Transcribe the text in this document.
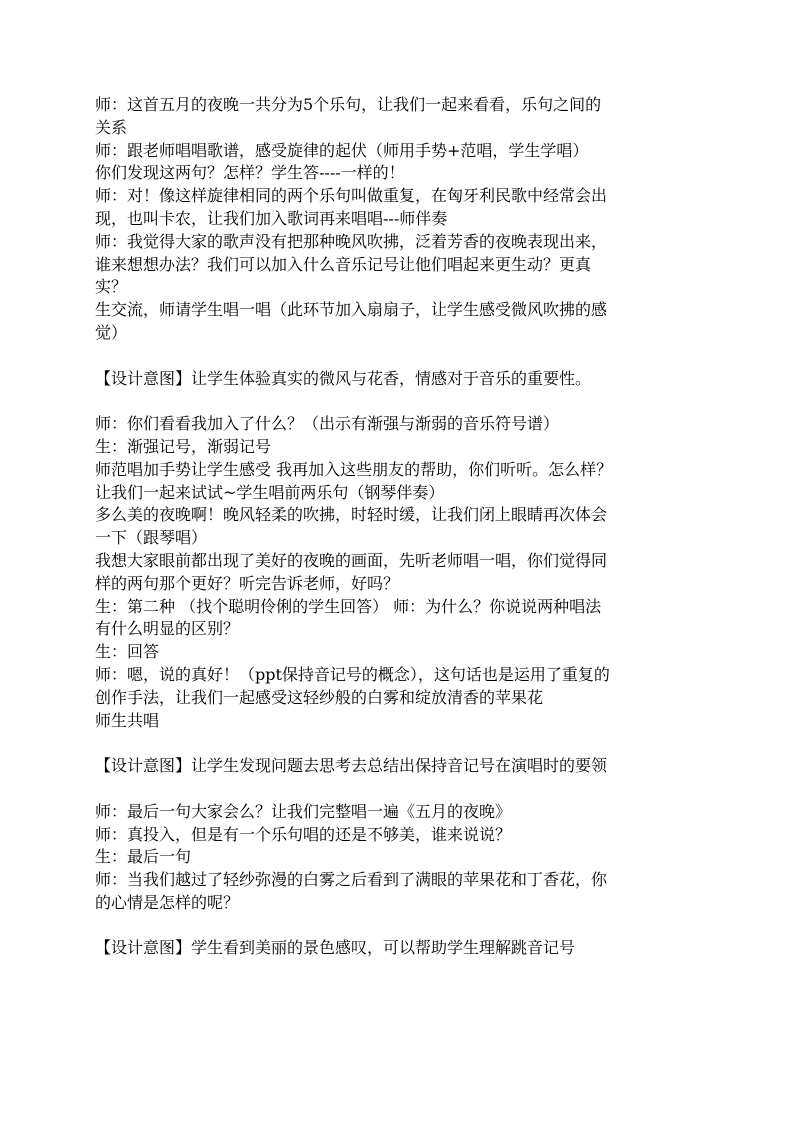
师：这首五月的夜晚一共分为5个乐句，让我们一起来看看，乐句之间的
关系
师：跟老师唱唱歌谱，感受旋律的起伏（师用手势+范唱，学生学唱）
你们发现这两句？怎样？学生答----一样的！
师：对！像这样旋律相同的两个乐句叫做重复，在匈牙利民歌中经常会出
现，也叫卡农，让我们加入歌词再来唱唱---师伴奏
师：我觉得大家的歌声没有把那种晚风吹拂，泛着芳香的夜晚表现出来，
谁来想想办法？我们可以加入什么音乐记号让他们唱起来更生动？更真
实？
生交流，师请学生唱一唱（此环节加入扇扇子，让学生感受微风吹拂的感
觉）
【设计意图】让学生体验真实的微风与花香，情感对于音乐的重要性。
师：你们看看我加入了什么？（出示有渐强与渐弱的音乐符号谱）
生：渐强记号，渐弱记号
师范唱加手势让学生感受 我再加入这些朋友的帮助，你们听听。怎么样？
让我们一起来试试~学生唱前两乐句（钢琴伴奏）
多么美的夜晚啊！晚风轻柔的吹拂，时轻时缓，让我们闭上眼睛再次体会
一下（跟琴唱）
我想大家眼前都出现了美好的夜晚的画面，先听老师唱一唱，你们觉得同
样的两句那个更好？听完告诉老师，好吗？
生：第二种 （找个聪明伶俐的学生回答） 师：为什么？你说说两种唱法
有什么明显的区别？
生：回答
师：嗯，说的真好！（ppt保持音记号的概念），这句话也是运用了重复的
创作手法，让我们一起感受这轻纱般的白雾和绽放清香的苹果花
师生共唱
【设计意图】让学生发现问题去思考去总结出保持音记号在演唱时的要领
师：最后一句大家会么？让我们完整唱一遍《五月的夜晚》
师：真投入，但是有一个乐句唱的还是不够美，谁来说说？
生：最后一句
师：当我们越过了轻纱弥漫的白雾之后看到了满眼的苹果花和丁香花，你
的心情是怎样的呢？
【设计意图】学生看到美丽的景色感叹，可以帮助学生理解跳音记号
